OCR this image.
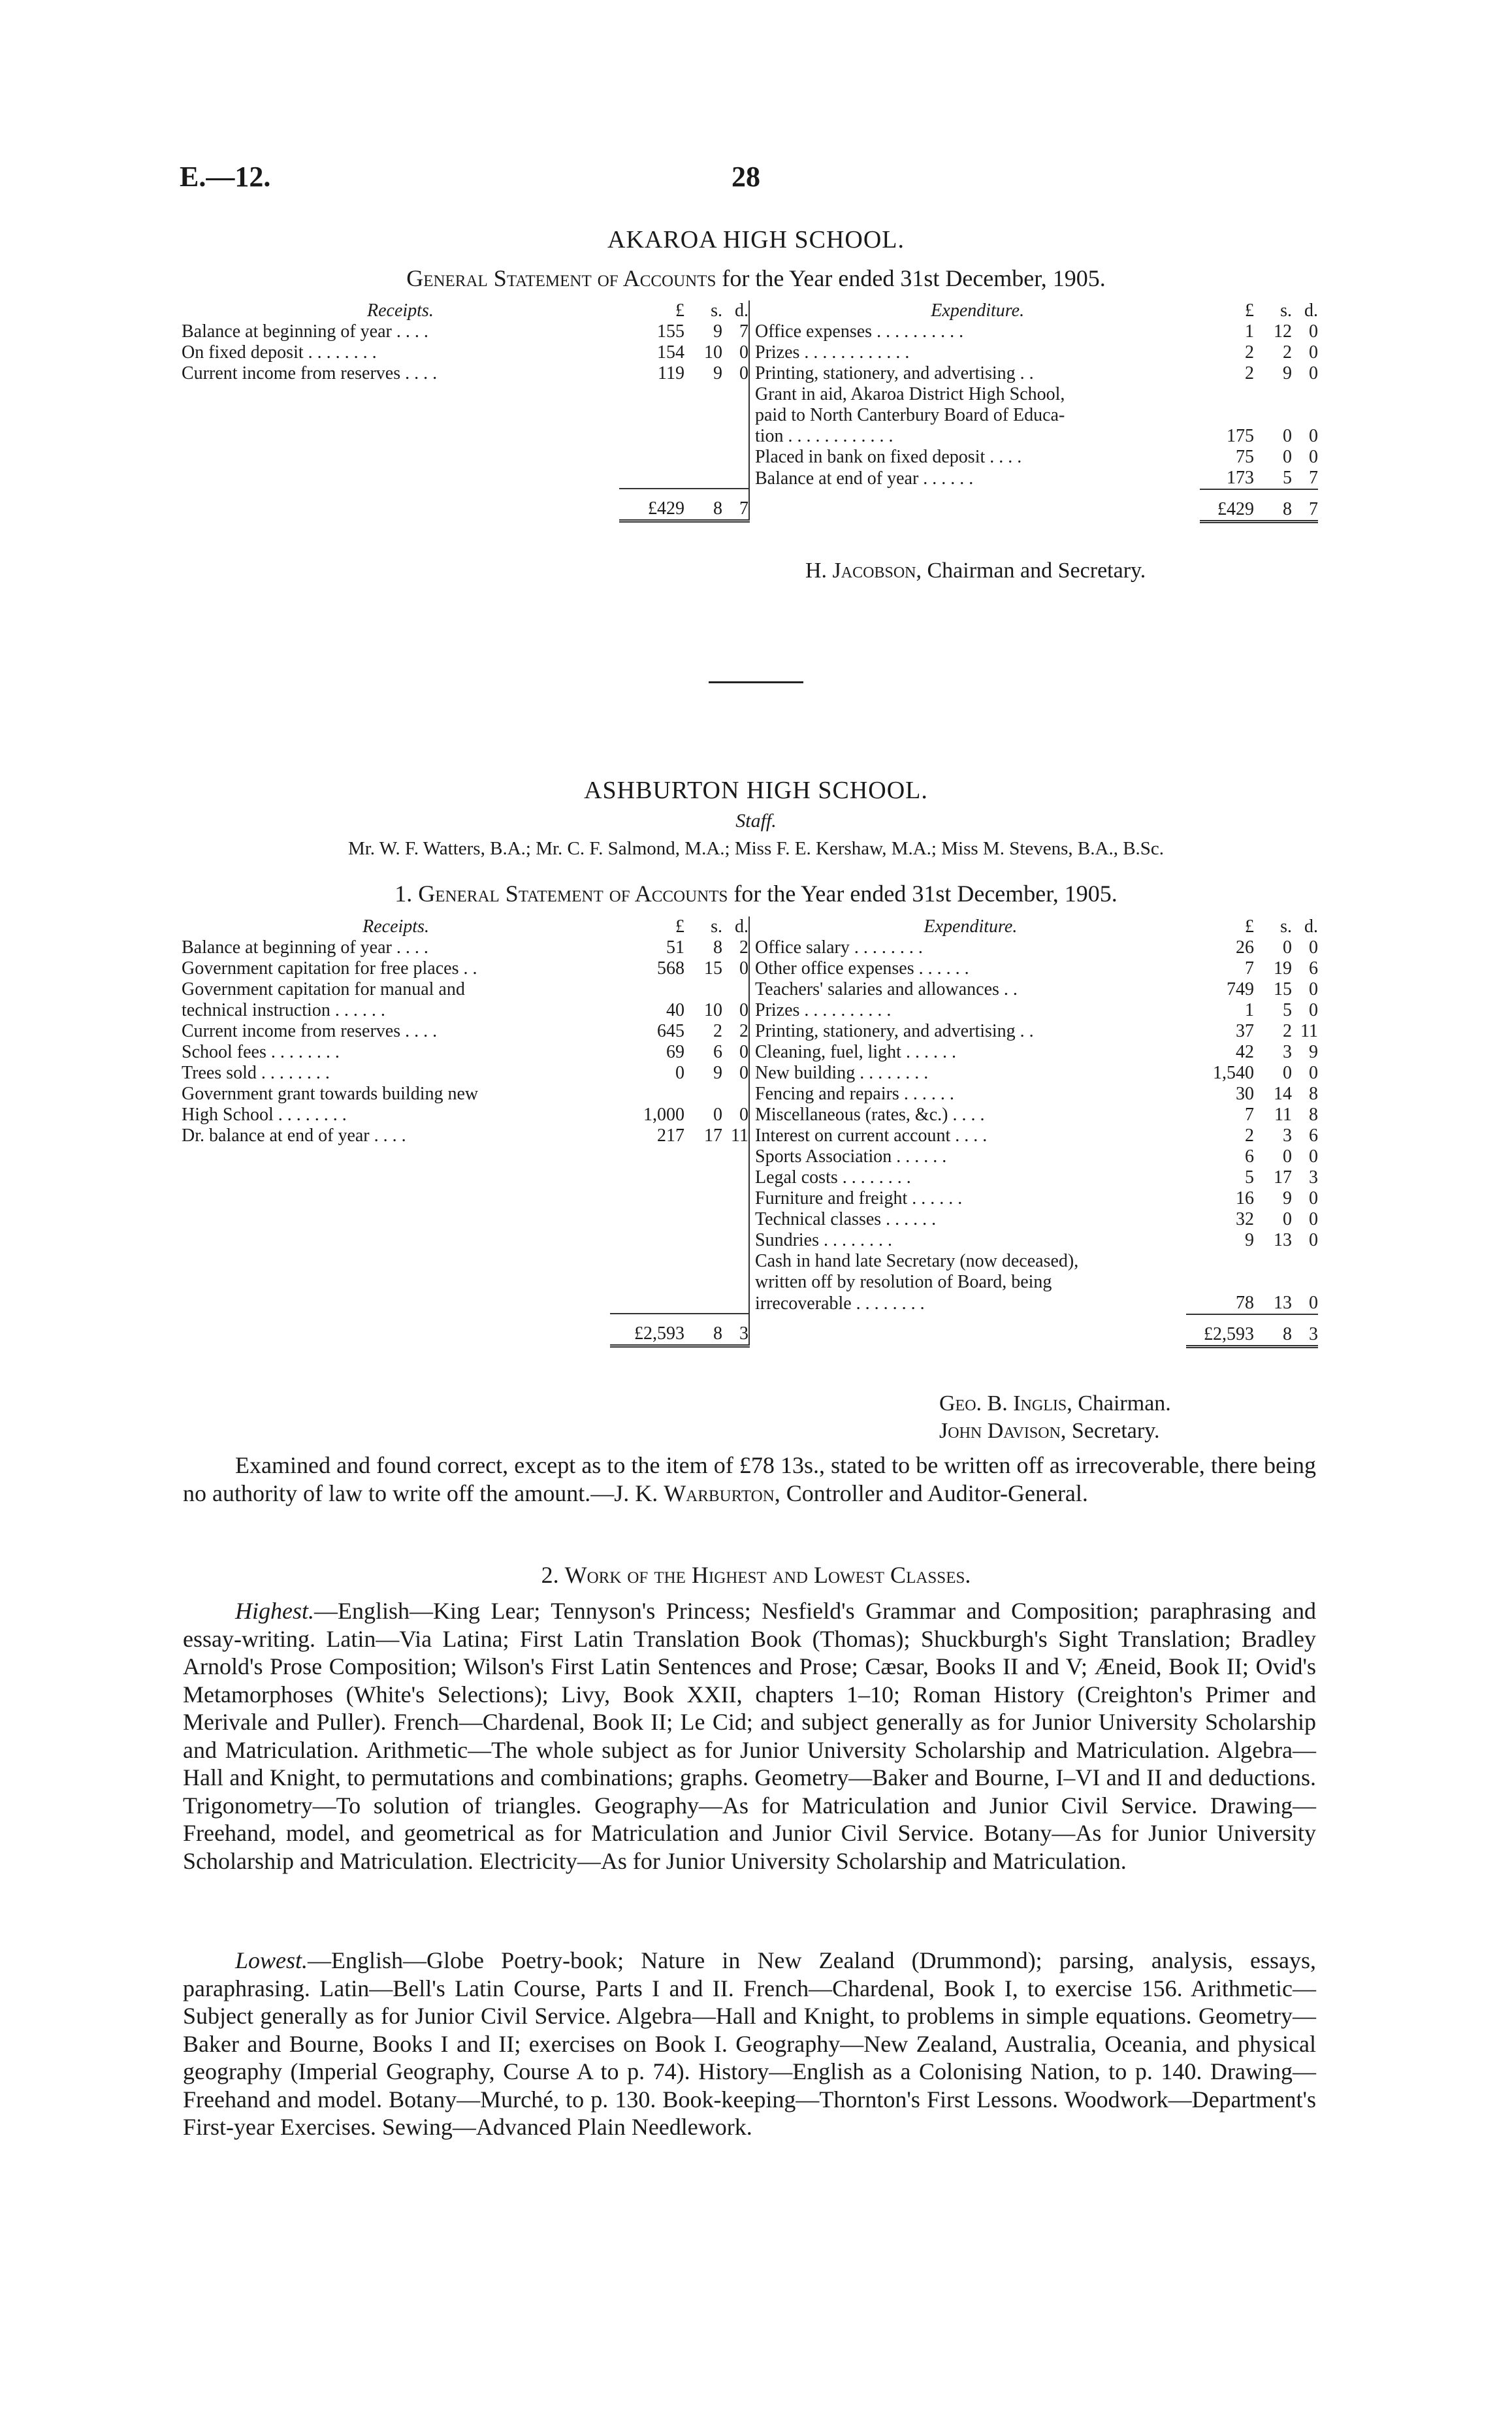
E.—12.	28
AKAROA HIGH SCHOOL.
General Statement of Accounts for the Year ended 31st December, 1905.
Receipts.	£	s.	d.
Balance at beginning of year . . . .	155	9	7
On fixed deposit . . . . . . . .	154	10	0
Current income from reserves . . . .	119	9	0

	£429	8	7
Expenditure.	£	s.	d.
Office expenses . . . . . . . . . .	1	12	0
Prizes . . . . . . . . . . . .	2	2	0
Printing, stationery, and advertising . .	2	9	0
Grant in aid, Akaroa District High School,			
paid to North Canterbury Board of Educa-			
tion . . . . . . . . . . . .	175	0	0
Placed in bank on fixed deposit . . . .	75	0	0
Balance at end of year . . . . . .	173	5	7
	£429	8	7
H. Jacobson, Chairman and Secretary.
ASHBURTON HIGH SCHOOL.
Staff.
Mr. W. F. Watters, B.A.; Mr. C. F. Salmond, M.A.; Miss F. E. Kershaw, M.A.; Miss M. Stevens, B.A., B.Sc.
1. General Statement of Accounts for the Year ended 31st December, 1905.
Receipts.	£	s.	d.
Balance at beginning of year . . . .	51	8	2
Government capitation for free places . .	568	15	0
Government capitation for manual and			
technical instruction . . . . . .	40	10	0
Current income from reserves . . . .	645	2	2
School fees . . . . . . . .	69	6	0
Trees sold . . . . . . . .	0	9	0
Government grant towards building new			
High School . . . . . . . .	1,000	0	0
Dr. balance at end of year . . . .	217	17	11

	£2,593	8	3
Expenditure.	£	s.	d.
Office salary . . . . . . . .	26	0	0
Other office expenses . . . . . .	7	19	6
Teachers' salaries and allowances . .	749	15	0
Prizes . . . . . . . . . .	1	5	0
Printing, stationery, and advertising . .	37	2	11
Cleaning, fuel, light . . . . . .	42	3	9
New building . . . . . . . .	1,540	0	0
Fencing and repairs . . . . . .	30	14	8
Miscellaneous (rates, &c.) . . . .	7	11	8
Interest on current account . . . .	2	3	6
Sports Association . . . . . .	6	0	0
Legal costs . . . . . . . .	5	17	3
Furniture and freight . . . . . .	16	9	0
Technical classes . . . . . .	32	0	0
Sundries . . . . . . . .	9	13	0
Cash in hand late Secretary (now deceased),			
written off by resolution of Board, being			
irrecoverable . . . . . . . .	78	13	0
	£2,593	8	3
Geo. B. Inglis, Chairman.
John Davison, Secretary.
Examined and found correct, except as to the item of £78 13s., stated to be written off as irrecoverable, there being no authority of law to write off the amount.—J. K. Warburton, Controller and Auditor-General.
2. Work of the Highest and Lowest Classes.
Highest.—English—King Lear; Tennyson's Princess; Nesfield's Grammar and Composition; paraphrasing and essay-writing. Latin—Via Latina; First Latin Translation Book (Thomas); Shuckburgh's Sight Translation; Bradley Arnold's Prose Composition; Wilson's First Latin Sentences and Prose; Cæsar, Books II and V; Æneid, Book II; Ovid's Metamorphoses (White's Selections); Livy, Book XXII, chapters 1–10; Roman History (Creighton's Primer and Merivale and Puller). French—Chardenal, Book II; Le Cid; and subject generally as for Junior University Scholarship and Matriculation. Arithmetic—The whole subject as for Junior University Scholarship and Matriculation. Algebra—Hall and Knight, to permutations and combinations; graphs. Geometry—Baker and Bourne, I–VI and II and deductions. Trigonometry—To solution of triangles. Geography—As for Matriculation and Junior Civil Service. Drawing—Freehand, model, and geometrical as for Matriculation and Junior Civil Service. Botany—As for Junior University Scholarship and Matriculation. Electricity—As for Junior University Scholarship and Matriculation.
Lowest.—English—Globe Poetry-book; Nature in New Zealand (Drummond); parsing, analysis, essays, paraphrasing. Latin—Bell's Latin Course, Parts I and II. French—Chardenal, Book I, to exercise 156. Arithmetic—Subject generally as for Junior Civil Service. Algebra—Hall and Knight, to problems in simple equations. Geometry—Baker and Bourne, Books I and II; exercises on Book I. Geography—New Zealand, Australia, Oceania, and physical geography (Imperial Geography, Course A to p. 74). History—English as a Colonising Nation, to p. 140. Drawing—Freehand and model. Botany—Murché, to p. 130. Book-keeping—Thornton's First Lessons. Woodwork—Department's First-year Exercises. Sewing—Advanced Plain Needlework.
